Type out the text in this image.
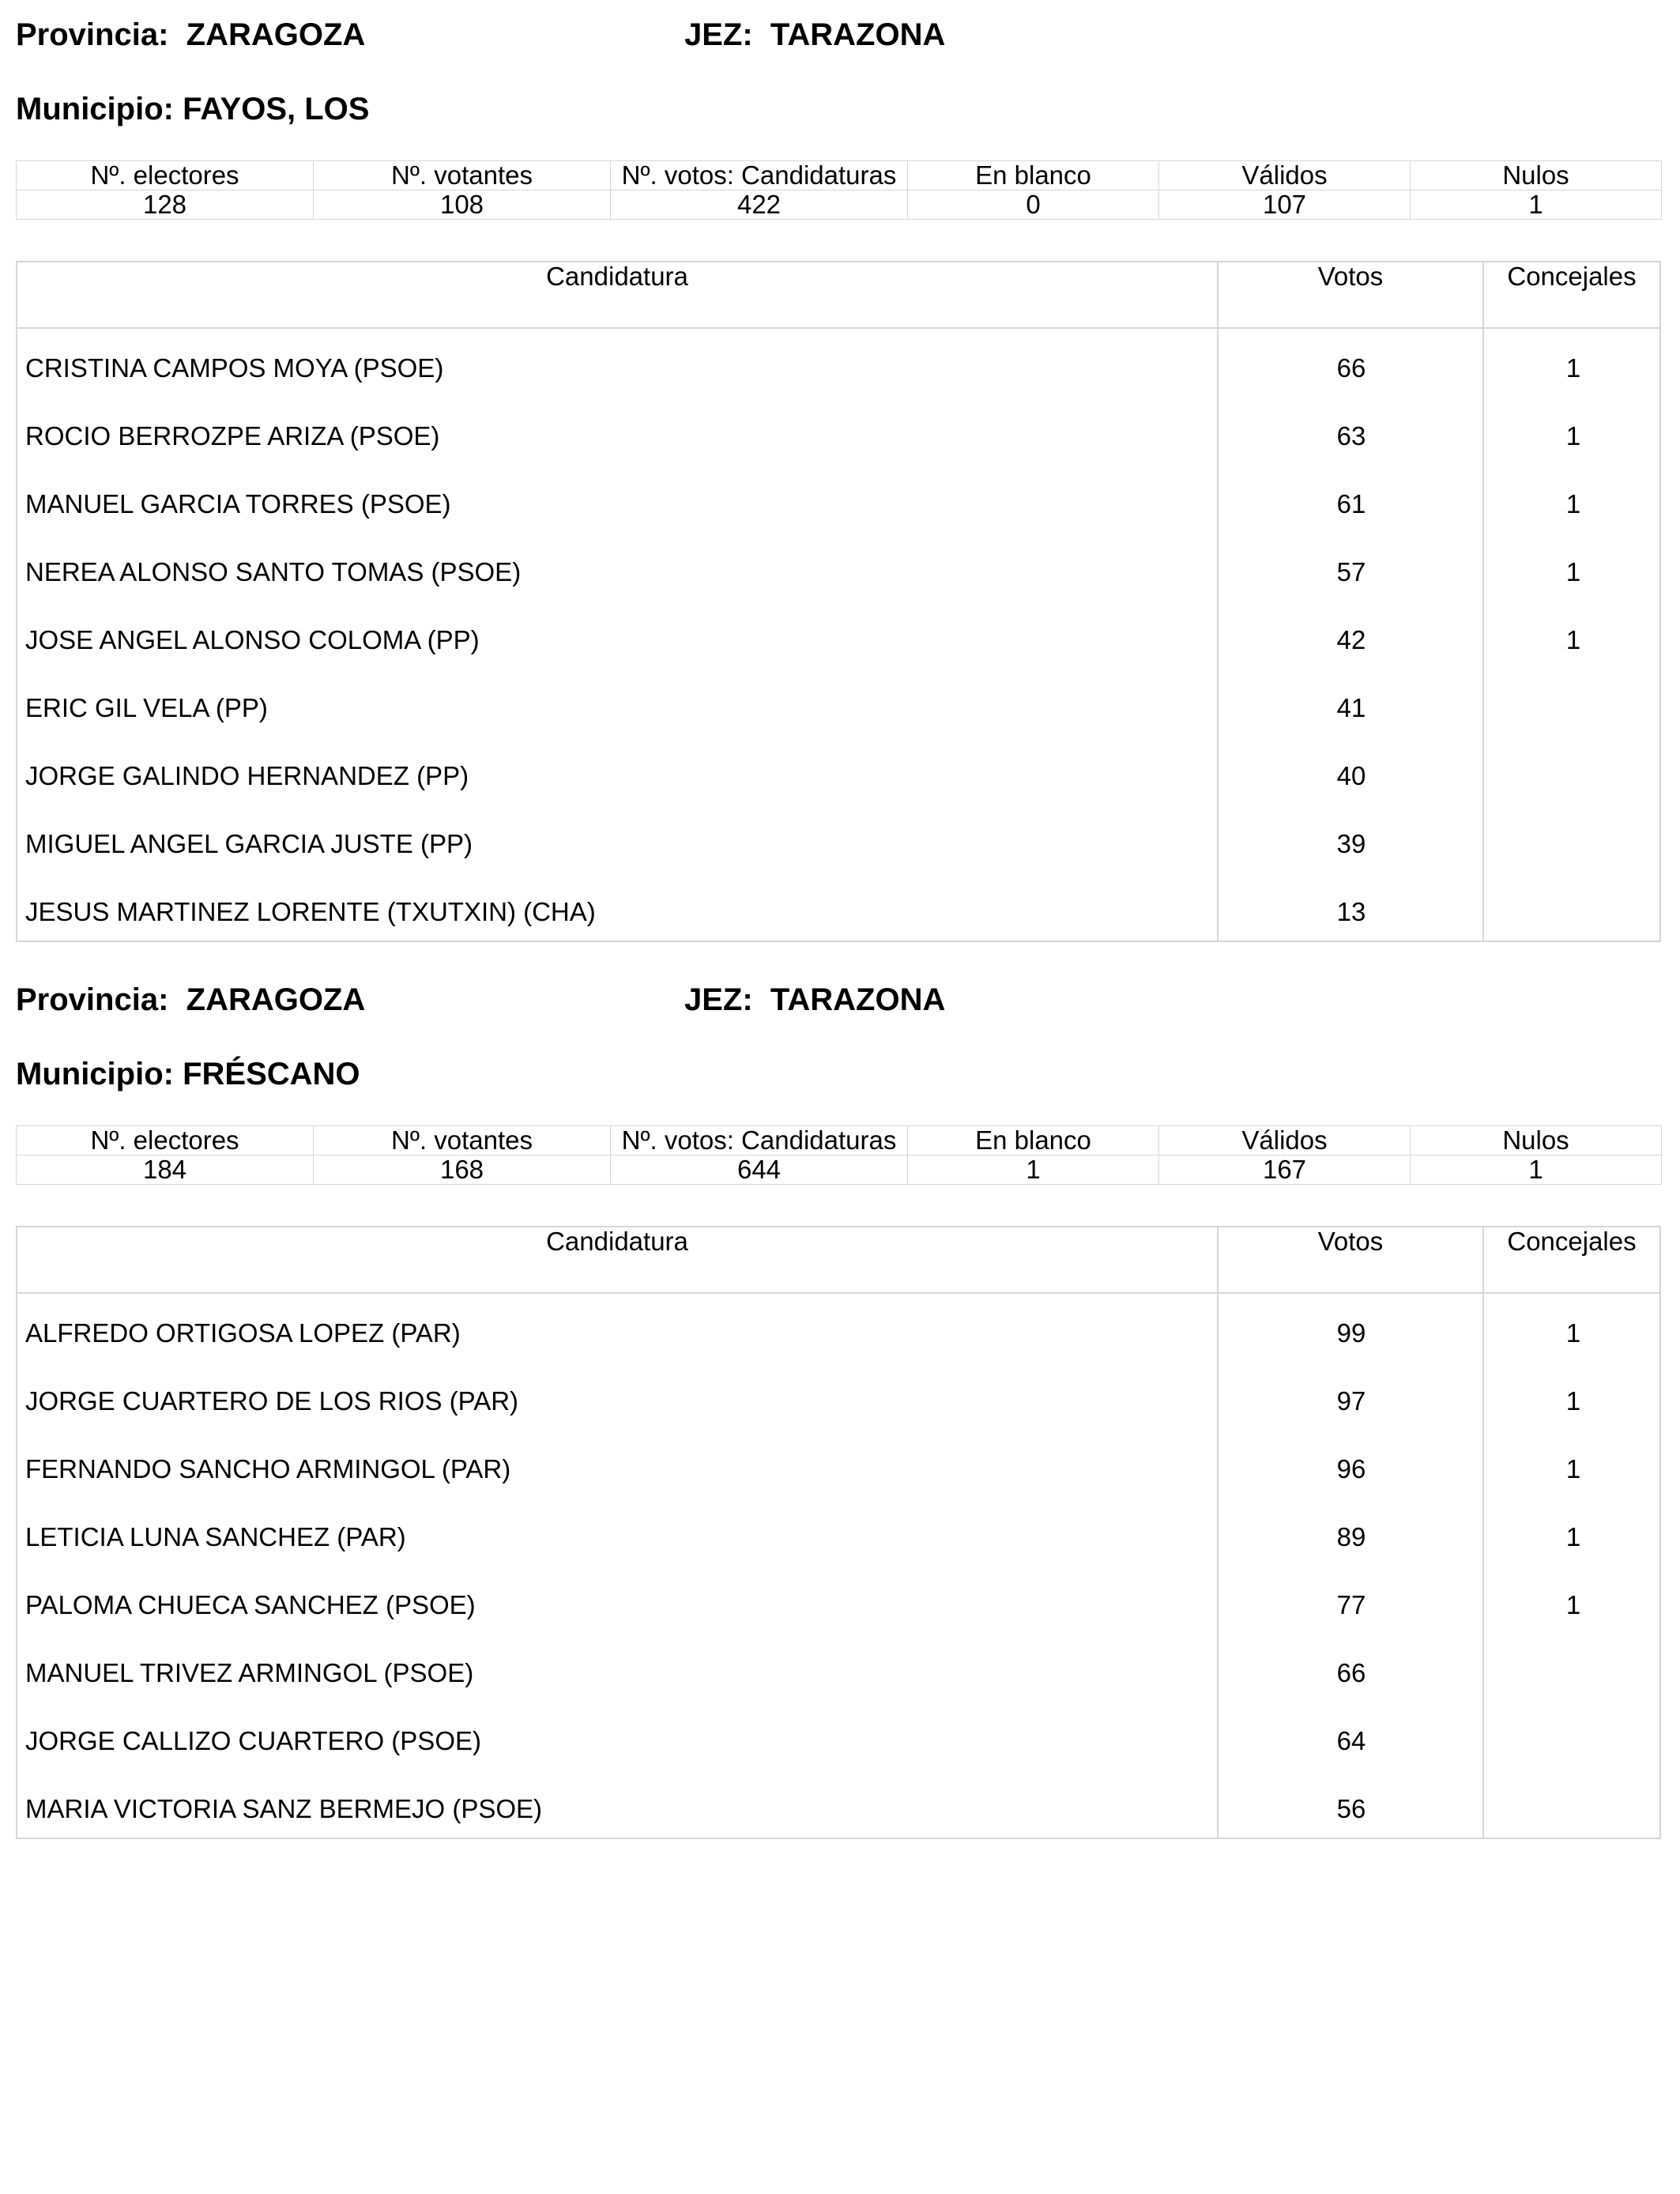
Provincia: ZARAGOZA	JEZ: TARAZONA
Municipio: FAYOS, LOS
Nº. electores	Nº. votantes	Nº. votos: Candidaturas	En blanco	Válidos	Nulos
128	108	422	0	107	1
Candidatura	Votos	Concejales
CRISTINA CAMPOS MOYA (PSOE)	66	1
ROCIO BERROZPE ARIZA (PSOE)	63	1
MANUEL GARCIA TORRES (PSOE)	61	1
NEREA ALONSO SANTO TOMAS (PSOE)	57	1
JOSE ANGEL ALONSO COLOMA (PP)	42	1
ERIC GIL VELA (PP)	41
JORGE GALINDO HERNANDEZ (PP)	40
MIGUEL ANGEL GARCIA JUSTE (PP)	39
JESUS MARTINEZ LORENTE (TXUTXIN) (CHA)	13
Provincia: ZARAGOZA	JEZ: TARAZONA
Municipio: FRÉSCANO
Nº. electores	Nº. votantes	Nº. votos: Candidaturas	En blanco	Válidos	Nulos
184	168	644	1	167	1
Candidatura	Votos	Concejales
ALFREDO ORTIGOSA LOPEZ (PAR)	99	1
JORGE CUARTERO DE LOS RIOS (PAR)	97	1
FERNANDO SANCHO ARMINGOL (PAR)	96	1
LETICIA LUNA SANCHEZ (PAR)	89	1
PALOMA CHUECA SANCHEZ (PSOE)	77	1
MANUEL TRIVEZ ARMINGOL (PSOE)	66
JORGE CALLIZO CUARTERO (PSOE)	64
MARIA VICTORIA SANZ BERMEJO (PSOE)	56
